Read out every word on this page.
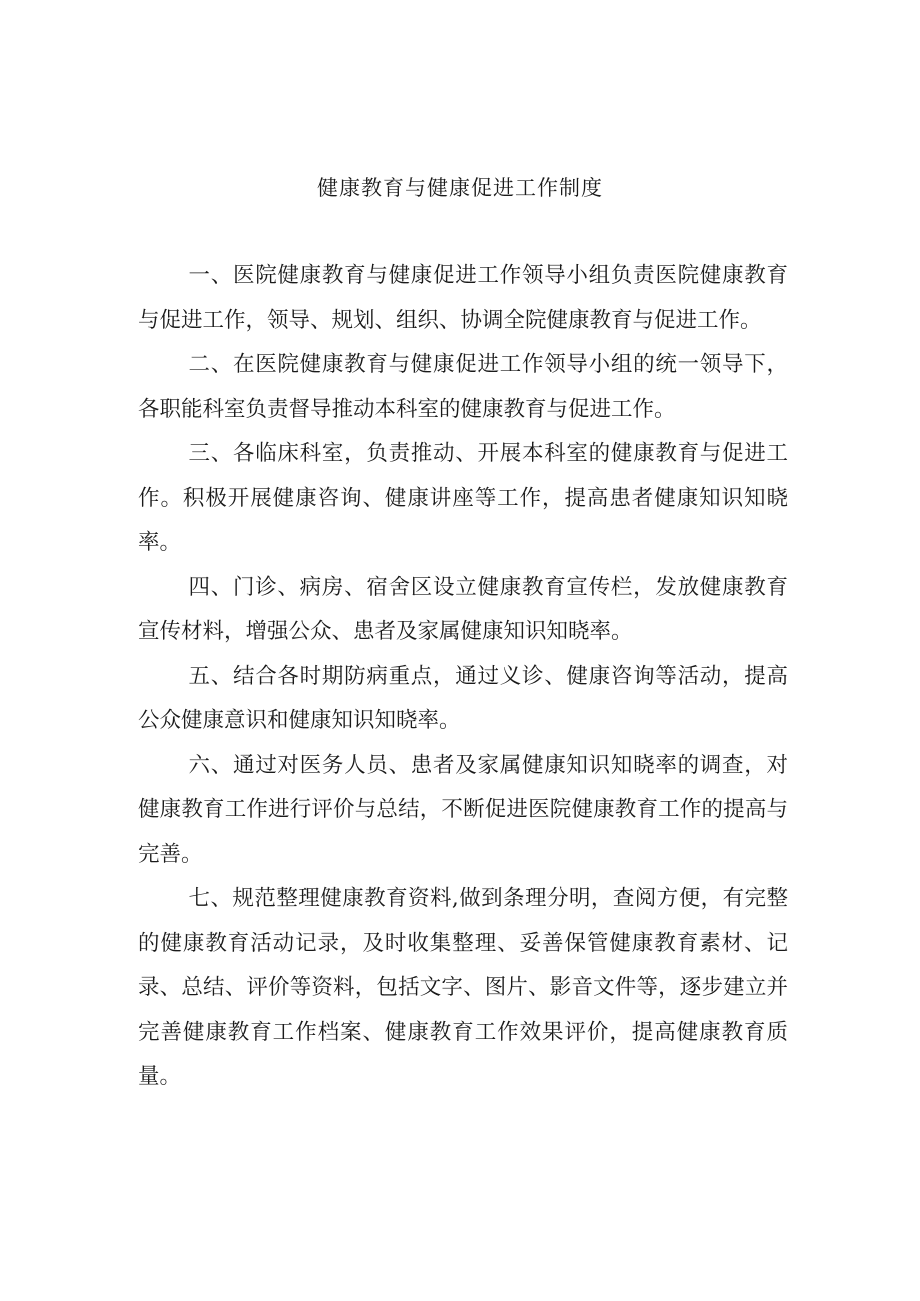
健康教育与健康促进工作制度

一、医院健康教育与健康促进工作领导小组负责医院健康教育与促进工作，领导、规划、组织、协调全院健康教育与促进工作。

二、在医院健康教育与健康促进工作领导小组的统一领导下，各职能科室负责督导推动本科室的健康教育与促进工作。

三、各临床科室，负责推动、开展本科室的健康教育与促进工作。积极开展健康咨询、健康讲座等工作，提高患者健康知识知晓率。

四、门诊、病房、宿舍区设立健康教育宣传栏，发放健康教育宣传材料，增强公众、患者及家属健康知识知晓率。

五、结合各时期防病重点，通过义诊、健康咨询等活动，提高公众健康意识和健康知识知晓率。

六、通过对医务人员、患者及家属健康知识知晓率的调查，对健康教育工作进行评价与总结，不断促进医院健康教育工作的提高与完善。

七、规范整理健康教育资料,做到条理分明，查阅方便，有完整的健康教育活动记录，及时收集整理、妥善保管健康教育素材、记录、总结、评价等资料，包括文字、图片、影音文件等，逐步建立并完善健康教育工作档案、健康教育工作效果评价，提高健康教育质量。
